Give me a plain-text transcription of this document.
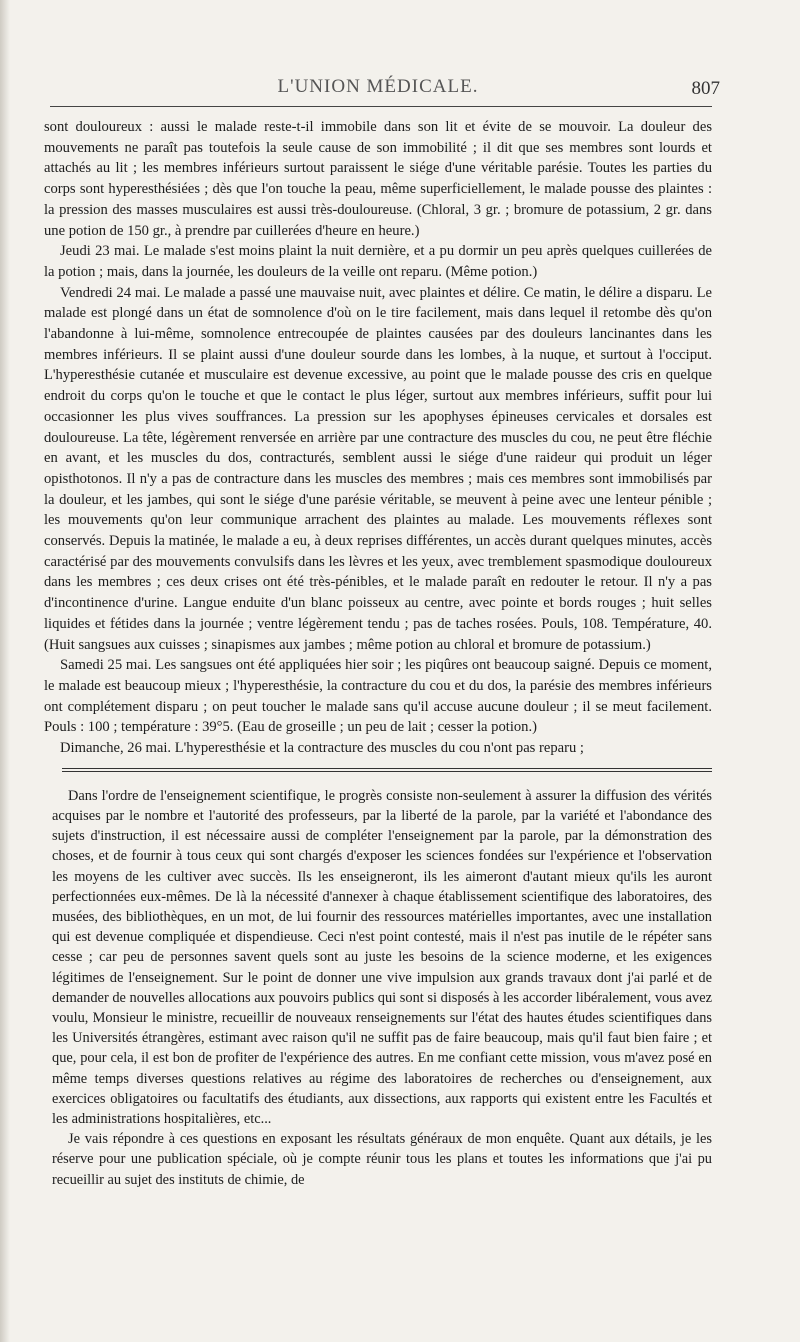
L'UNION MÉDICALE.	807

sont douloureux : aussi le malade reste-t-il immobile dans son lit et évite de se mouvoir. La douleur des mouvements ne paraît pas toutefois la seule cause de son immobilité ; il dit que ses membres sont lourds et attachés au lit ; les membres inférieurs surtout paraissent le siége d'une véritable parésie. Toutes les parties du corps sont hyperesthésiées ; dès que l'on touche la peau, même superficiellement, le malade pousse des plaintes : la pression des masses musculaires est aussi très-douloureuse. (Chloral, 3 gr. ; bromure de potassium, 2 gr. dans une potion de 150 gr., à prendre par cuillerées d'heure en heure.)

Jeudi 23 mai. Le malade s'est moins plaint la nuit dernière, et a pu dormir un peu après quelques cuillerées de la potion ; mais, dans la journée, les douleurs de la veille ont reparu. (Même potion.)

Vendredi 24 mai. Le malade a passé une mauvaise nuit, avec plaintes et délire. Ce matin, le délire a disparu. Le malade est plongé dans un état de somnolence d'où on le tire facilement, mais dans lequel il retombe dès qu'on l'abandonne à lui-même, somnolence entrecoupée de plaintes causées par des douleurs lancinantes dans les membres inférieurs. Il se plaint aussi d'une douleur sourde dans les lombes, à la nuque, et surtout à l'occiput. L'hyperesthésie cutanée et musculaire est devenue excessive, au point que le malade pousse des cris en quelque endroit du corps qu'on le touche et que le contact le plus léger, surtout aux membres inférieurs, suffit pour lui occasionner les plus vives souffrances. La pression sur les apophyses épineuses cervicales et dorsales est douloureuse. La tête, légèrement renversée en arrière par une contracture des muscles du cou, ne peut être fléchie en avant, et les muscles du dos, contracturés, semblent aussi le siége d'une raideur qui produit un léger opisthotonos. Il n'y a pas de contracture dans les muscles des membres ; mais ces membres sont immobilisés par la douleur, et les jambes, qui sont le siége d'une parésie véritable, se meuvent à peine avec une lenteur pénible ; les mouvements qu'on leur communique arrachent des plaintes au malade. Les mouvements réflexes sont conservés. Depuis la matinée, le malade a eu, à deux reprises différentes, un accès durant quelques minutes, accès caractérisé par des mouvements convulsifs dans les lèvres et les yeux, avec tremblement spasmodique douloureux dans les membres ; ces deux crises ont été très-pénibles, et le malade paraît en redouter le retour. Il n'y a pas d'incontinence d'urine. Langue enduite d'un blanc poisseux au centre, avec pointe et bords rouges ; huit selles liquides et fétides dans la journée ; ventre légèrement tendu ; pas de taches rosées. Pouls, 108. Température, 40. (Huit sangsues aux cuisses ; sinapismes aux jambes ; même potion au chloral et bromure de potassium.)

Samedi 25 mai. Les sangsues ont été appliquées hier soir ; les piqûres ont beaucoup saigné. Depuis ce moment, le malade est beaucoup mieux ; l'hyperesthésie, la contracture du cou et du dos, la parésie des membres inférieurs ont complétement disparu ; on peut toucher le malade sans qu'il accuse aucune douleur ; il se meut facilement. Pouls : 100 ; température : 39°5. (Eau de groseille ; un peu de lait ; cesser la potion.)

Dimanche, 26 mai. L'hyperesthésie et la contracture des muscles du cou n'ont pas reparu ;

Dans l'ordre de l'enseignement scientifique, le progrès consiste non-seulement à assurer la diffusion des vérités acquises par le nombre et l'autorité des professeurs, par la liberté de la parole, par la variété et l'abondance des sujets d'instruction, il est nécessaire aussi de compléter l'enseignement par la parole, par la démonstration des choses, et de fournir à tous ceux qui sont chargés d'exposer les sciences fondées sur l'expérience et l'observation les moyens de les cultiver avec succès. Ils les enseigneront, ils les aimeront d'autant mieux qu'ils les auront perfectionnées eux-mêmes. De là la nécessité d'annexer à chaque établissement scientifique des laboratoires, des musées, des bibliothèques, en un mot, de lui fournir des ressources matérielles importantes, avec une installation qui est devenue compliquée et dispendieuse. Ceci n'est point contesté, mais il n'est pas inutile de le répéter sans cesse ; car peu de personnes savent quels sont au juste les besoins de la science moderne, et les exigences légitimes de l'enseignement. Sur le point de donner une vive impulsion aux grands travaux dont j'ai parlé et de demander de nouvelles allocations aux pouvoirs publics qui sont si disposés à les accorder libéralement, vous avez voulu, Monsieur le ministre, recueillir de nouveaux renseignements sur l'état des hautes études scientifiques dans les Universités étrangères, estimant avec raison qu'il ne suffit pas de faire beaucoup, mais qu'il faut bien faire ; et que, pour cela, il est bon de profiter de l'expérience des autres. En me confiant cette mission, vous m'avez posé en même temps diverses questions relatives au régime des laboratoires de recherches ou d'enseignement, aux exercices obligatoires ou facultatifs des étudiants, aux dissections, aux rapports qui existent entre les Facultés et les administrations hospitalières, etc...

Je vais répondre à ces questions en exposant les résultats généraux de mon enquête. Quant aux détails, je les réserve pour une publication spéciale, où je compte réunir tous les plans et toutes les informations que j'ai pu recueillir au sujet des instituts de chimie, de
